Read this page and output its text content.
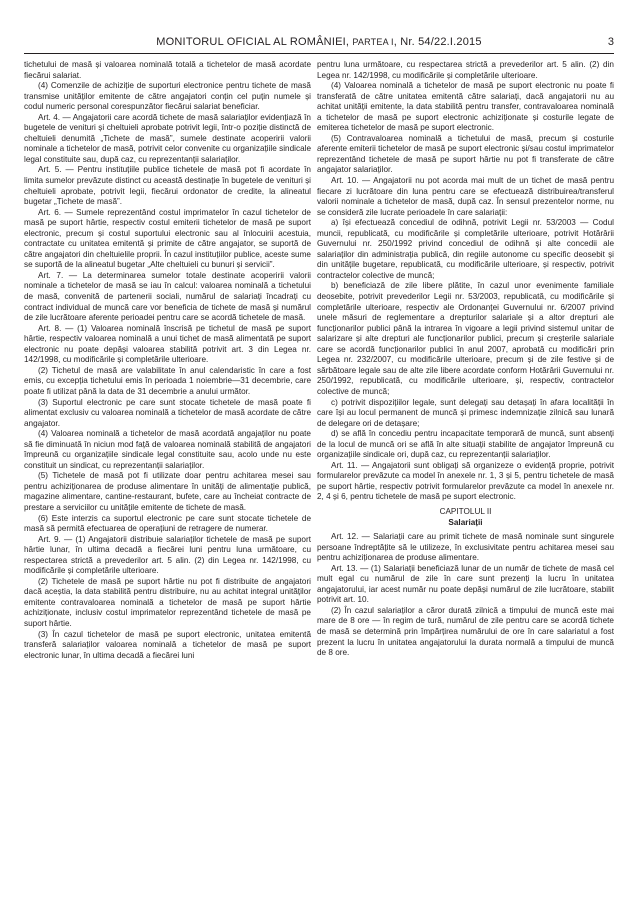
MONITORUL OFICIAL AL ROMÂNIEI, PARTEA I, Nr. 54/22.I.2015	3

tichetului de masă și valoarea nominală totală a tichetelor de masă acordate fiecărui salariat.

(4) Comenzile de achiziție de suporturi electronice pentru tichete de masă transmise unităților emitente de către angajatori conțin cel puțin numele și codul numeric personal corespunzător fiecărui salariat beneficiar.

Art. 4. — Angajatorii care acordă tichete de masă salariaților evidențiază în bugetele de venituri și cheltuieli aprobate potrivit legii, într-o poziție distinctă de cheltuieli denumită „Tichete de masă”, sumele destinate acoperirii valorii nominale a tichetelor de masă, potrivit celor convenite cu organizațiile sindicale legal constituite sau, după caz, cu reprezentanții salariaților.

Art. 5. — Pentru instituțiile publice tichetele de masă pot fi acordate în limita sumelor prevăzute distinct cu această destinație în bugetele de venituri și cheltuieli aprobate, potrivit legii, fiecărui ordonator de credite, la alineatul bugetar „Tichete de masă”.

Art. 6. — Sumele reprezentând costul imprimatelor în cazul tichetelor de masă pe suport hârtie, respectiv costul emiterii tichetelor de masă pe suport electronic, precum și costul suportului electronic sau al înlocuirii acestuia, contractate cu unitatea emitentă și primite de către angajator, se suportă de către angajatori din cheltuielile proprii. În cazul instituțiilor publice, aceste sume se suportă de la alineatul bugetar „Alte cheltuieli cu bunuri și servicii”.

Art. 7. — La determinarea sumelor totale destinate acoperirii valorii nominale a tichetelor de masă se iau în calcul: valoarea nominală a tichetului de masă, convenită de partenerii sociali, numărul de salariați încadrați cu contract individual de muncă care vor beneficia de tichete de masă și numărul de zile lucrătoare aferente perioadei pentru care se acordă tichetele de masă.

Art. 8. — (1) Valoarea nominală înscrisă pe tichetul de masă pe suport hârtie, respectiv valoarea nominală a unui tichet de masă alimentată pe suport electronic nu poate depăși valoarea stabilită potrivit art. 3 din Legea nr. 142/1998, cu modificările și completările ulterioare.

(2) Tichetul de masă are valabilitate în anul calendaristic în care a fost emis, cu excepția tichetului emis în perioada 1 noiembrie—31 decembrie, care poate fi utilizat până la data de 31 decembrie a anului următor.

(3) Suportul electronic pe care sunt stocate tichetele de masă poate fi alimentat exclusiv cu valoarea nominală a tichetelor de masă acordate de către angajator.

(4) Valoarea nominală a tichetelor de masă acordată angajaților nu poate să fie diminuată în niciun mod față de valoarea nominală stabilită de angajatori împreună cu organizațiile sindicale legal constituite sau, acolo unde nu este constituit un sindicat, cu reprezentanții salariaților.

(5) Tichetele de masă pot fi utilizate doar pentru achitarea mesei sau pentru achiziționarea de produse alimentare în unități de alimentație publică, magazine alimentare, cantine-restaurant, bufete, care au încheiat contracte de prestare a serviciilor cu unitățile emitente de tichete de masă.

(6) Este interzis ca suportul electronic pe care sunt stocate tichetele de masă să permită efectuarea de operațiuni de retragere de numerar.

Art. 9. — (1) Angajatorii distribuie salariaților tichetele de masă pe suport hârtie lunar, în ultima decadă a fiecărei luni pentru luna următoare, cu respectarea strictă a prevederilor art. 5 alin. (2) din Legea nr. 142/1998, cu modificările și completările ulterioare.

(2) Tichetele de masă pe suport hârtie nu pot fi distribuite de angajatori dacă aceștia, la data stabilită pentru distribuire, nu au achitat integral unităților emitente contravaloarea nominală a tichetelor de masă pe suport hârtie achiziționate, inclusiv costul imprimatelor reprezentând tichetele de masă pe suport hârtie.

(3) În cazul tichetelor de masă pe suport electronic, unitatea emitentă transferă salariaților valoarea nominală a tichetelor de masă pe suport electronic lunar, în ultima decadă a fiecărei luni

pentru luna următoare, cu respectarea strictă a prevederilor art. 5 alin. (2) din Legea nr. 142/1998, cu modificările și completările ulterioare.

(4) Valoarea nominală a tichetelor de masă pe suport electronic nu poate fi transferată de către unitatea emitentă către salariați, dacă angajatorii nu au achitat unității emitente, la data stabilită pentru transfer, contravaloarea nominală a tichetelor de masă pe suport electronic achiziționate și costurile legate de emiterea tichetelor de masă pe suport electronic.

(5) Contravaloarea nominală a tichetului de masă, precum și costurile aferente emiterii tichetelor de masă pe suport electronic și/sau costul imprimatelor reprezentând tichetele de masă pe suport hârtie nu pot fi transferate de către angajator salariaților.

Art. 10. — Angajatorii nu pot acorda mai mult de un tichet de masă pentru fiecare zi lucrătoare din luna pentru care se efectuează distribuirea/transferul valorii nominale a tichetelor de masă, după caz. În sensul prezentelor norme, nu se consideră zile lucrate perioadele în care salariații:

a) își efectuează concediul de odihnă, potrivit Legii nr. 53/2003 — Codul muncii, republicată, cu modificările și completările ulterioare, potrivit Hotărârii Guvernului nr. 250/1992 privind concediul de odihnă și alte concedii ale salariaților din administrația publică, din regiile autonome cu specific deosebit și din unitățile bugetare, republicată, cu modificările ulterioare, și respectiv, potrivit contractelor colective de muncă;

b) beneficiază de zile libere plătite, în cazul unor evenimente familiale deosebite, potrivit prevederilor Legii nr. 53/2003, republicată, cu modificările și completările ulterioare, respectiv ale Ordonanței Guvernului nr. 6/2007 privind unele măsuri de reglementare a drepturilor salariale și a altor drepturi ale funcționarilor publici până la intrarea în vigoare a legii privind sistemul unitar de salarizare și alte drepturi ale funcționarilor publici, precum și creșterile salariale care se acordă funcționarilor publici în anul 2007, aprobată cu modificări prin Legea nr. 232/2007, cu modificările ulterioare, precum și de zile festive și de sărbătoare legale sau de alte zile libere acordate conform Hotărârii Guvernului nr. 250/1992, republicată, cu modificările ulterioare, și, respectiv, contractelor colective de muncă;

c) potrivit dispozițiilor legale, sunt delegați sau detașați în afara localității în care își au locul permanent de muncă și primesc indemnizație zilnică sau lunară de delegare ori de detașare;

d) se află în concediu pentru incapacitate temporară de muncă, sunt absenți de la locul de muncă ori se află în alte situații stabilite de angajator împreună cu organizațiile sindicale ori, după caz, cu reprezentanții salariaților.

Art. 11. — Angajatorii sunt obligați să organizeze o evidență proprie, potrivit formularelor prevăzute ca model în anexele nr. 1, 3 și 5, pentru tichetele de masă pe suport hârtie, respectiv potrivit formularelor prevăzute ca model în anexele nr. 2, 4 și 6, pentru tichetele de masă pe suport electronic.

CAPITOLUL II

Salariații

Art. 12. — Salariații care au primit tichete de masă nominale sunt singurele persoane îndreptățite să le utilizeze, în exclusivitate pentru achitarea mesei sau pentru achiziționarea de produse alimentare.

Art. 13. — (1) Salariații beneficiază lunar de un număr de tichete de masă cel mult egal cu numărul de zile în care sunt prezenți la lucru în unitatea angajatorului, iar acest număr nu poate depăși numărul de zile lucrătoare, stabilit potrivit art. 10.

(2) În cazul salariaților a căror durată zilnică a timpului de muncă este mai mare de 8 ore — în regim de tură, numărul de zile pentru care se acordă tichete de masă se determină prin împărțirea numărului de ore în care salariatul a fost prezent la lucru în unitatea angajatorului la durata normală a timpului de muncă de 8 ore.
